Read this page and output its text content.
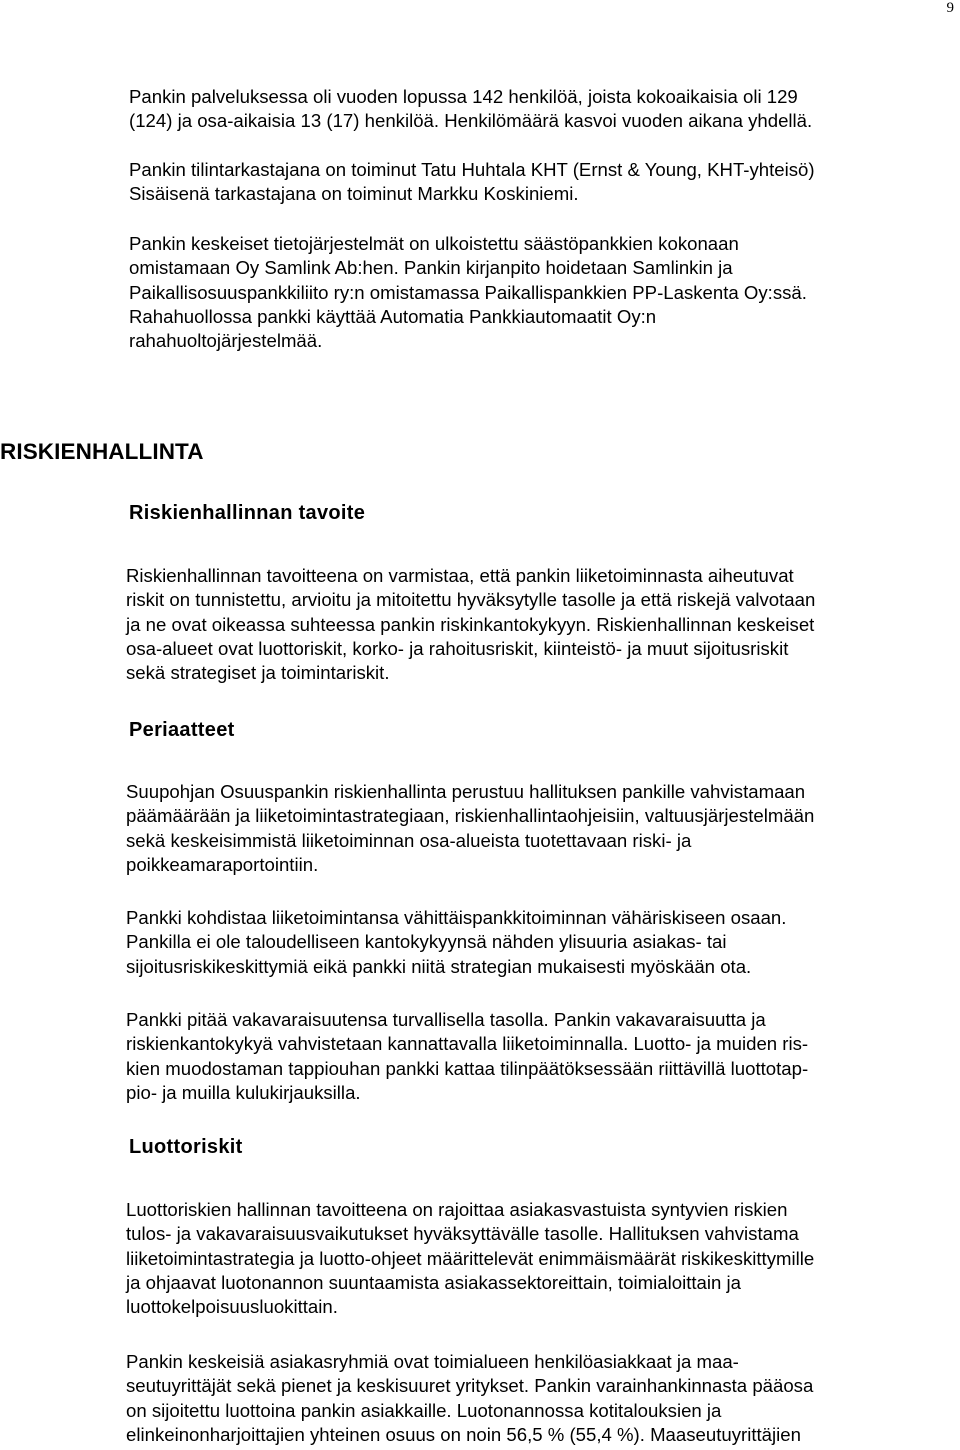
9
Pankin palveluksessa oli vuoden lopussa 142 henkilöä, joista kokoaikaisia oli 129
(124) ja osa-aikaisia 13 (17) henkilöä. Henkilömäärä kasvoi vuoden aikana yhdellä.
Pankin tilintarkastajana on toiminut Tatu Huhtala KHT (Ernst & Young, KHT-yhteisö)
Sisäisenä tarkastajana on toiminut Markku Koskiniemi.
Pankin keskeiset tietojärjestelmät on ulkoistettu säästöpankkien kokonaan
omistamaan Oy Samlink Ab:hen. Pankin kirjanpito hoidetaan Samlinkin ja
Paikallisosuuspankkiliito ry:n omistamassa Paikallispankkien PP-Laskenta Oy:ssä.
Rahahuollossa pankki käyttää Automatia Pankkiautomaatit Oy:n
rahahuoltojärjestelmää.
RISKIENHALLINTA
Riskienhallinnan tavoite
Riskienhallinnan tavoitteena on varmistaa, että pankin liiketoiminnasta aiheutuvat
riskit on tunnistettu, arvioitu ja mitoitettu hyväksytylle tasolle ja että riskejä valvotaan
ja ne ovat oikeassa suhteessa pankin riskinkantokykyyn. Riskienhallinnan keskeiset
osa-alueet ovat luottoriskit, korko- ja rahoitusriskit, kiinteistö- ja muut sijoitusriskit
sekä strategiset ja toimintariskit.
Periaatteet
Suupohjan Osuuspankin riskienhallinta perustuu hallituksen pankille vahvistamaan
päämäärään ja liiketoimintastrategiaan, riskienhallintaohjeisiin, valtuusjärjestelmään
sekä keskeisimmistä liiketoiminnan osa-alueista tuotettavaan riski- ja
poikkeamaraportointiin.
Pankki kohdistaa liiketoimintansa vähittäispankkitoiminnan vähäriskiseen osaan.
Pankilla ei ole taloudelliseen kantokykyynsä nähden ylisuuria asiakas- tai
sijoitusriskikeskittymiä eikä pankki niitä strategian mukaisesti myöskään ota.
Pankki pitää vakavaraisuutensa turvallisella tasolla. Pankin vakavaraisuutta ja
riskienkantokykyä vahvistetaan kannattavalla liiketoiminnalla. Luotto- ja muiden ris-
kien muodostaman tappiouhan pankki kattaa tilinpäätöksessään riittävillä luottotap-
pio- ja muilla kulukirjauksilla.
Luottoriskit
Luottoriskien hallinnan tavoitteena on rajoittaa asiakasvastuista syntyvien riskien
tulos- ja vakavaraisuusvaikutukset hyväksyttävälle tasolle. Hallituksen vahvistama
liiketoimintastrategia ja luotto-ohjeet määrittelevät enimmäismäärät riskikeskittymille
ja ohjaavat luotonannon suuntaamista asiakassektoreittain, toimialoittain ja
luottokelpoisuusluokittain.
Pankin keskeisiä asiakasryhmiä ovat toimialueen henkilöasiakkaat ja maa-
seutuyrittäjät sekä pienet ja keskisuuret yritykset. Pankin varainhankinnasta pääosa
on sijoitettu luottoina pankin asiakkaille. Luotonannossa kotitalouksien ja
elinkeinonharjoittajien yhteinen osuus on noin 56,5 % (55,4 %). Maaseutuyrittäjien
